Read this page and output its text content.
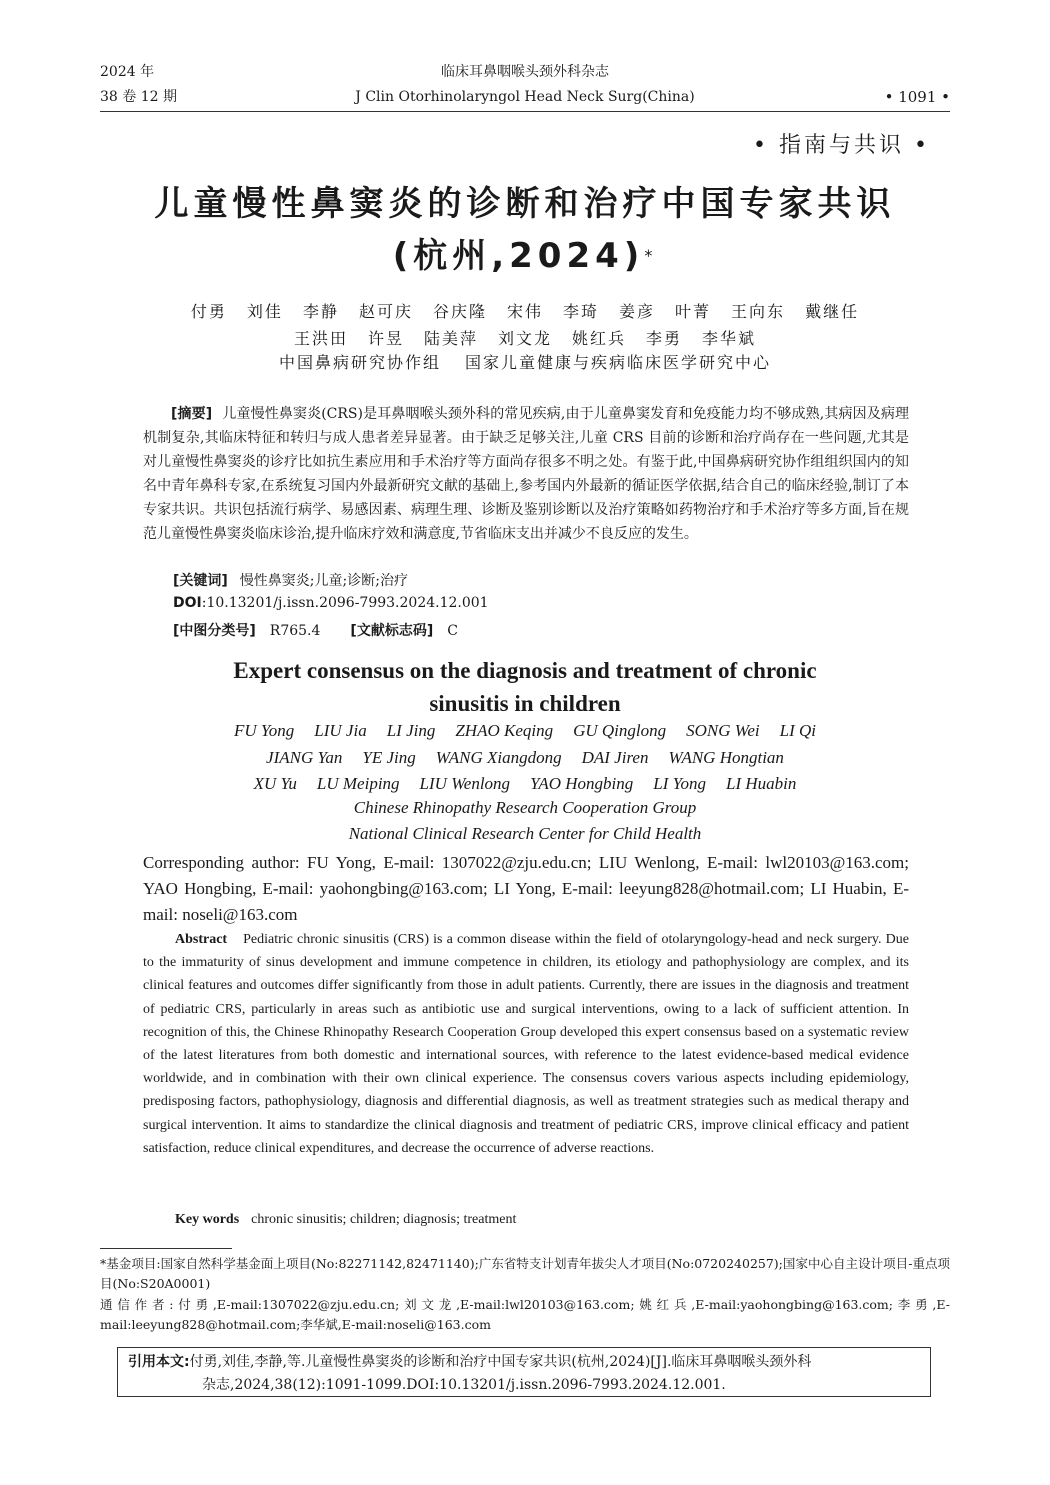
2024 年
38 卷 12 期
临床耳鼻咽喉头颈外科杂志
J Clin Otorhinolaryngol Head Neck Surg(China)	• 1091 •
• 指南与共识 •
儿童慢性鼻窦炎的诊断和治疗中国专家共识
(杭州,2024)*
付勇 刘佳 李静 赵可庆 谷庆隆 宋伟 李琦 姜彦 叶菁 王向东 戴继任
王洪田 许昱 陆美萍 刘文龙 姚红兵 李勇 李华斌
中国鼻病研究协作组 国家儿童健康与疾病临床医学研究中心
[摘要] 儿童慢性鼻窦炎(CRS)是耳鼻咽喉头颈外科的常见疾病,由于儿童鼻窦发育和免疫能力均不够成熟,其病因及病理机制复杂,其临床特征和转归与成人患者差异显著。由于缺乏足够关注,儿童 CRS 目前的诊断和治疗尚存在一些问题,尤其是对儿童慢性鼻窦炎的诊疗比如抗生素应用和手术治疗等方面尚存很多不明之处。有鉴于此,中国鼻病研究协作组组织国内的知名中青年鼻科专家,在系统复习国内外最新研究文献的基础上,参考国内外最新的循证医学依据,结合自己的临床经验,制订了本专家共识。共识包括流行病学、易感因素、病理生理、诊断及鉴别诊断以及治疗策略如药物治疗和手术治疗等多方面,旨在规范儿童慢性鼻窦炎临床诊治,提升临床疗效和满意度,节省临床支出并减少不良反应的发生。
[关键词] 慢性鼻窦炎;儿童;诊断;治疗
DOI:10.13201/j.issn.2096-7993.2024.12.001
[中图分类号] R765.4 [文献标志码] C
Expert consensus on the diagnosis and treatment of chronic
sinusitis in children
FU Yong LIU Jia LI Jing ZHAO Keqing GU Qinglong SONG Wei LI Qi
JIANG Yan YE Jing WANG Xiangdong DAI Jiren WANG Hongtian
XU Yu LU Meiping LIU Wenlong YAO Hongbing LI Yong LI Huabin
Chinese Rhinopathy Research Cooperation Group
National Clinical Research Center for Child Health
Corresponding author: FU Yong, E-mail: 1307022@zju.edu.cn; LIU Wenlong, E-mail: lwl20103@163.com; YAO Hongbing, E-mail: yaohongbing@163.com; LI Yong, E-mail: leeyung828@hotmail.com; LI Huabin, E-mail: noseli@163.com
Abstract Pediatric chronic sinusitis (CRS) is a common disease within the field of otolaryngology-head and neck surgery. Due to the immaturity of sinus development and immune competence in children, its etiology and pathophysiology are complex, and its clinical features and outcomes differ significantly from those in adult patients. Currently, there are issues in the diagnosis and treatment of pediatric CRS, particularly in areas such as antibiotic use and surgical interventions, owing to a lack of sufficient attention. In recognition of this, the Chinese Rhinopathy Research Cooperation Group developed this expert consensus based on a systematic review of the latest literatures from both domestic and international sources, with reference to the latest evidence-based medical evidence worldwide, and in combination with their own clinical experience. The consensus covers various aspects including epidemiology, predisposing factors, pathophysiology, diagnosis and differential diagnosis, as well as treatment strategies such as medical therapy and surgical intervention. It aims to standardize the clinical diagnosis and treatment of pediatric CRS, improve clinical efficacy and patient satisfaction, reduce clinical expenditures, and decrease the occurrence of adverse reactions.
Key words chronic sinusitis; children; diagnosis; treatment

*基金项目:国家自然科学基金面上项目(No:82271142,82471140);广东省特支计划青年拔尖人才项目(No:0720240257);国家中心自主设计项目-重点项目(No:S20A0001)

通信作者:付勇,E-mail:1307022@zju.edu.cn;刘文龙,E-mail:lwl20103@163.com;姚红兵,E-mail:yaohongbing@163.com;李勇,E-mail:leeyung828@hotmail.com;李华斌,E-mail:noseli@163.com

引用本文:付勇,刘佳,李静,等.儿童慢性鼻窦炎的诊断和治疗中国专家共识(杭州,2024)[J].临床耳鼻咽喉头颈外科
杂志,2024,38(12):1091-1099.DOI:10.13201/j.issn.2096-7993.2024.12.001.
